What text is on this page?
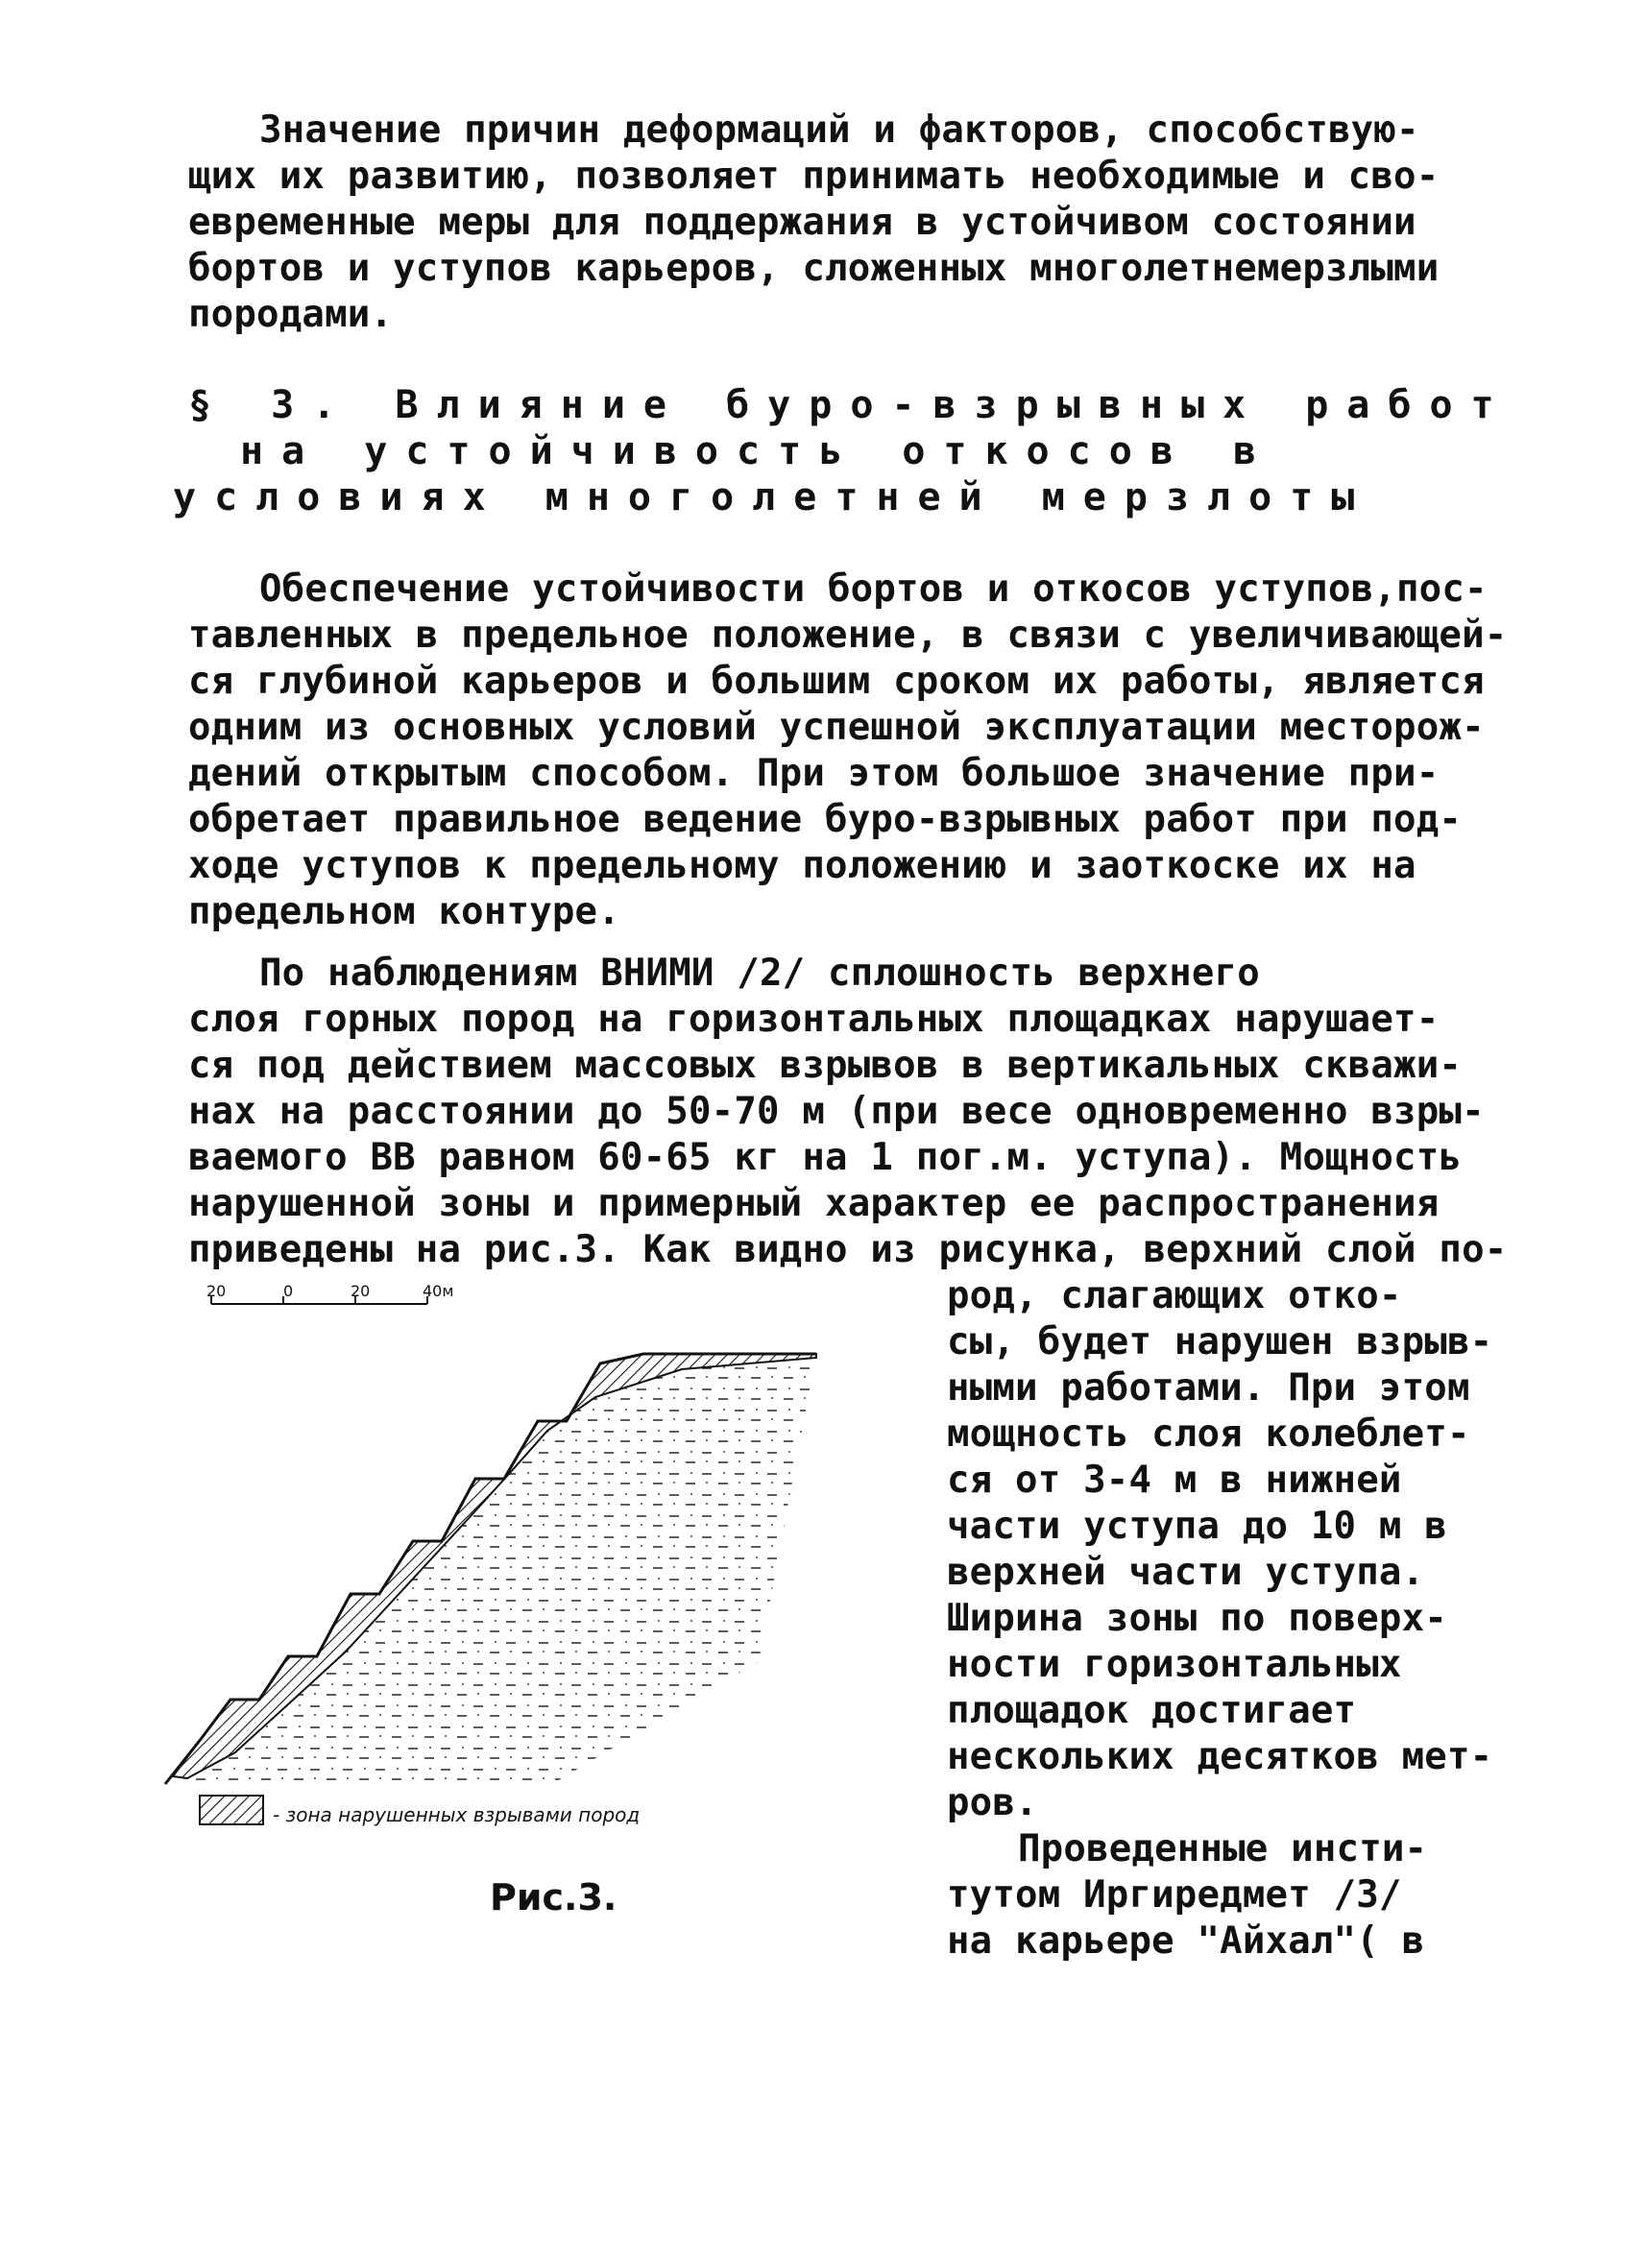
Значение причин деформаций и факторов, способствую-
щих их развитию, позволяет принимать необходимые и сво-
евременные меры для поддержания в устойчивом состоянии
бортов и уступов карьеров, сложенных многолетнемерзлыми
породами.
§ 3. Влияние буро-взрывных работ
на устойчивость откосов в
условиях многолетней мерзлоты
Обеспечение устойчивости бортов и откосов уступов,пос-
тавленных в предельное положение, в связи с увеличивающей-
ся глубиной карьеров и большим сроком их работы, является
одним из основных условий успешной эксплуатации месторож-
дений открытым способом. При этом большое значение при-
обретает правильное ведение буро-взрывных работ при под-
ходе уступов к предельному положению и заоткоске их на
предельном контуре.
По наблюдениям ВНИМИ /2/ сплошность верхнего
слоя горных пород на горизонтальных площадках нарушает-
ся под действием массовых взрывов в вертикальных скважи-
нах на расстоянии до 50-70 м (при весе одновременно взры-
ваемого ВВ равном 60-65 кг на 1 пог.м. уступа). Мощность
нарушенной зоны и примерный характер ее распространения
приведены на рис.3. Как видно из рисунка, верхний слой по-
род, слагающих отко-
сы, будет нарушен взрыв-
ными работами. При этом
мощность слоя колеблет-
ся от 3-4 м в нижней
части уступа до 10 м в
верхней части уступа.
Ширина зоны по поверх-
ности горизонтальных
площадок достигает
нескольких десятков мет-
ров.
Проведенные инсти-
тутом Иргиредмет /3/
на карьере "Айхал"( в
20	0	20	40м
- зона нарушенных взрывами пород
Рис.3.
